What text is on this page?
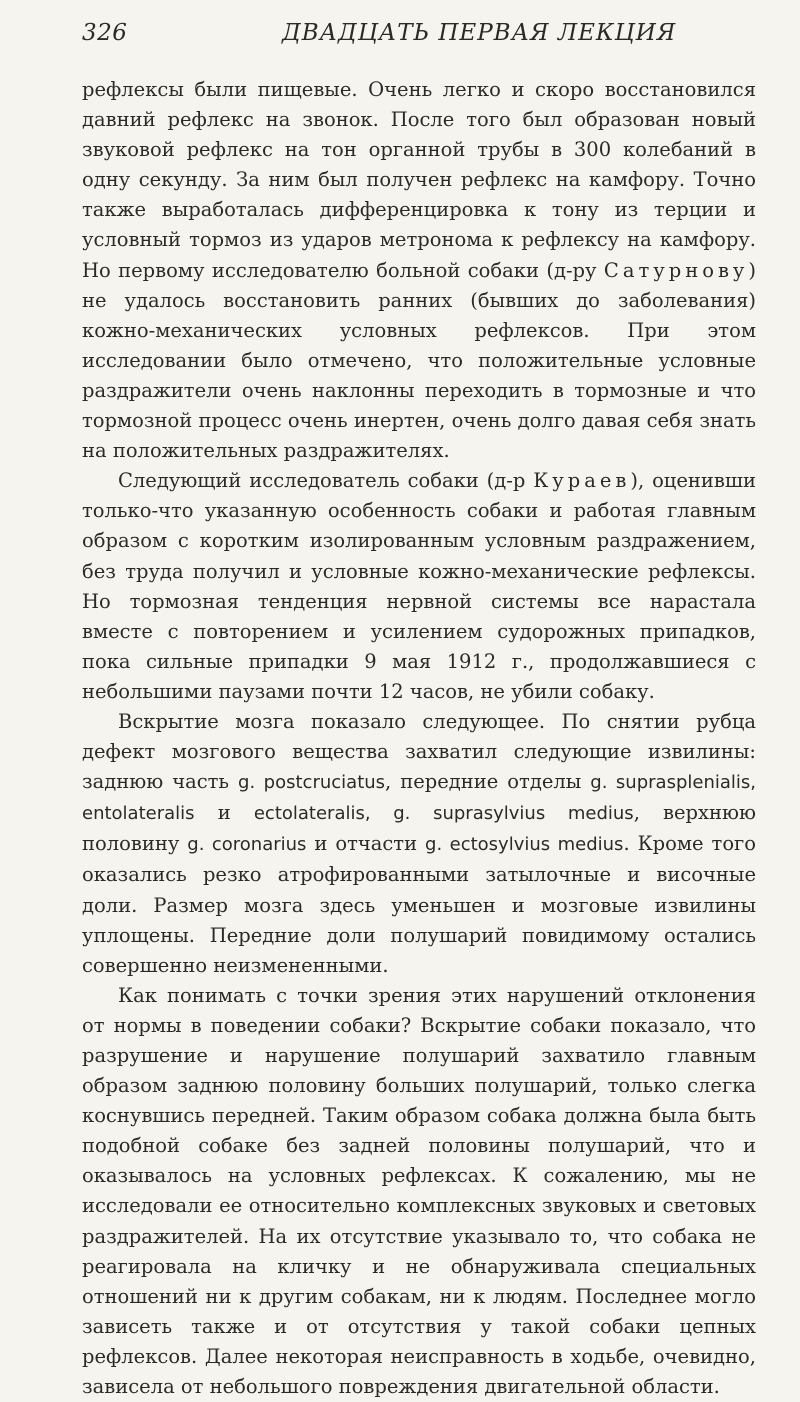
326	ДВАДЦАТЬ ПЕРВАЯ ЛЕКЦИЯ

рефлексы были пищевые. Очень легко и скоро восстановился давний рефлекс на звонок. После того был образован новый звуковой рефлекс на тон органной трубы в 300 колебаний в одну секунду. За ним был получен рефлекс на камфору. Точно также выработалась дифференцировка к тону из терции и условный тормоз из ударов метронома к рефлексу на камфору. Но первому исследователю больной собаки (д-ру Сатурнову) не удалось восстановить ранних (бывших до заболевания) кожно-механических условных рефлексов. При этом исследовании было отмечено, что положительные условные раздражители очень наклонны переходить в тормозные и что тормозной процесс очень инертен, очень долго давая себя знать на положительных раздражителях.

Следующий исследователь собаки (д-р Кураев), оценивши только-что указанную особенность собаки и работая главным образом с коротким изолированным условным раздражением, без труда получил и условные кожно-механические рефлексы. Но тормозная тенденция нервной системы все нарастала вместе с повторением и усилением судорожных припадков, пока сильные припадки 9 мая 1912 г., продолжавшиеся с небольшими паузами почти 12 часов, не убили собаку.

Вскрытие мозга показало следующее. По снятии рубца дефект мозгового вещества захватил следующие извилины: заднюю часть g. postcruciatus, передние отделы g. suprasplenialis, entolateralis и ectolateralis, g. suprasylvius medius, верхнюю половину g. coronarius и отчасти g. ectosylvius medius. Кроме того оказались резко атрофированными затылочные и височные доли. Размер мозга здесь уменьшен и мозговые извилины уплощены. Передние доли полушарий повидимому остались совершенно неизмененными.

Как понимать с точки зрения этих нарушений отклонения от нормы в поведении собаки? Вскрытие собаки показало, что разрушение и нарушение полушарий захватило главным образом заднюю половину больших полушарий, только слегка коснувшись передней. Таким образом собака должна была быть подобной собаке без задней половины полушарий, что и оказывалось на условных рефлексах. К сожалению, мы не исследовали ее относительно комплексных звуковых и световых раздражителей. На их отсутствие указывало то, что собака не реагировала на кличку и не обнаруживала специальных отношений ни к другим собакам, ни к людям. Последнее могло зависеть также и от отсутствия у такой собаки цепных рефлексов. Далее некоторая неисправность в ходьбе, очевидно, зависела от небольшого повреждения двигательной области.
